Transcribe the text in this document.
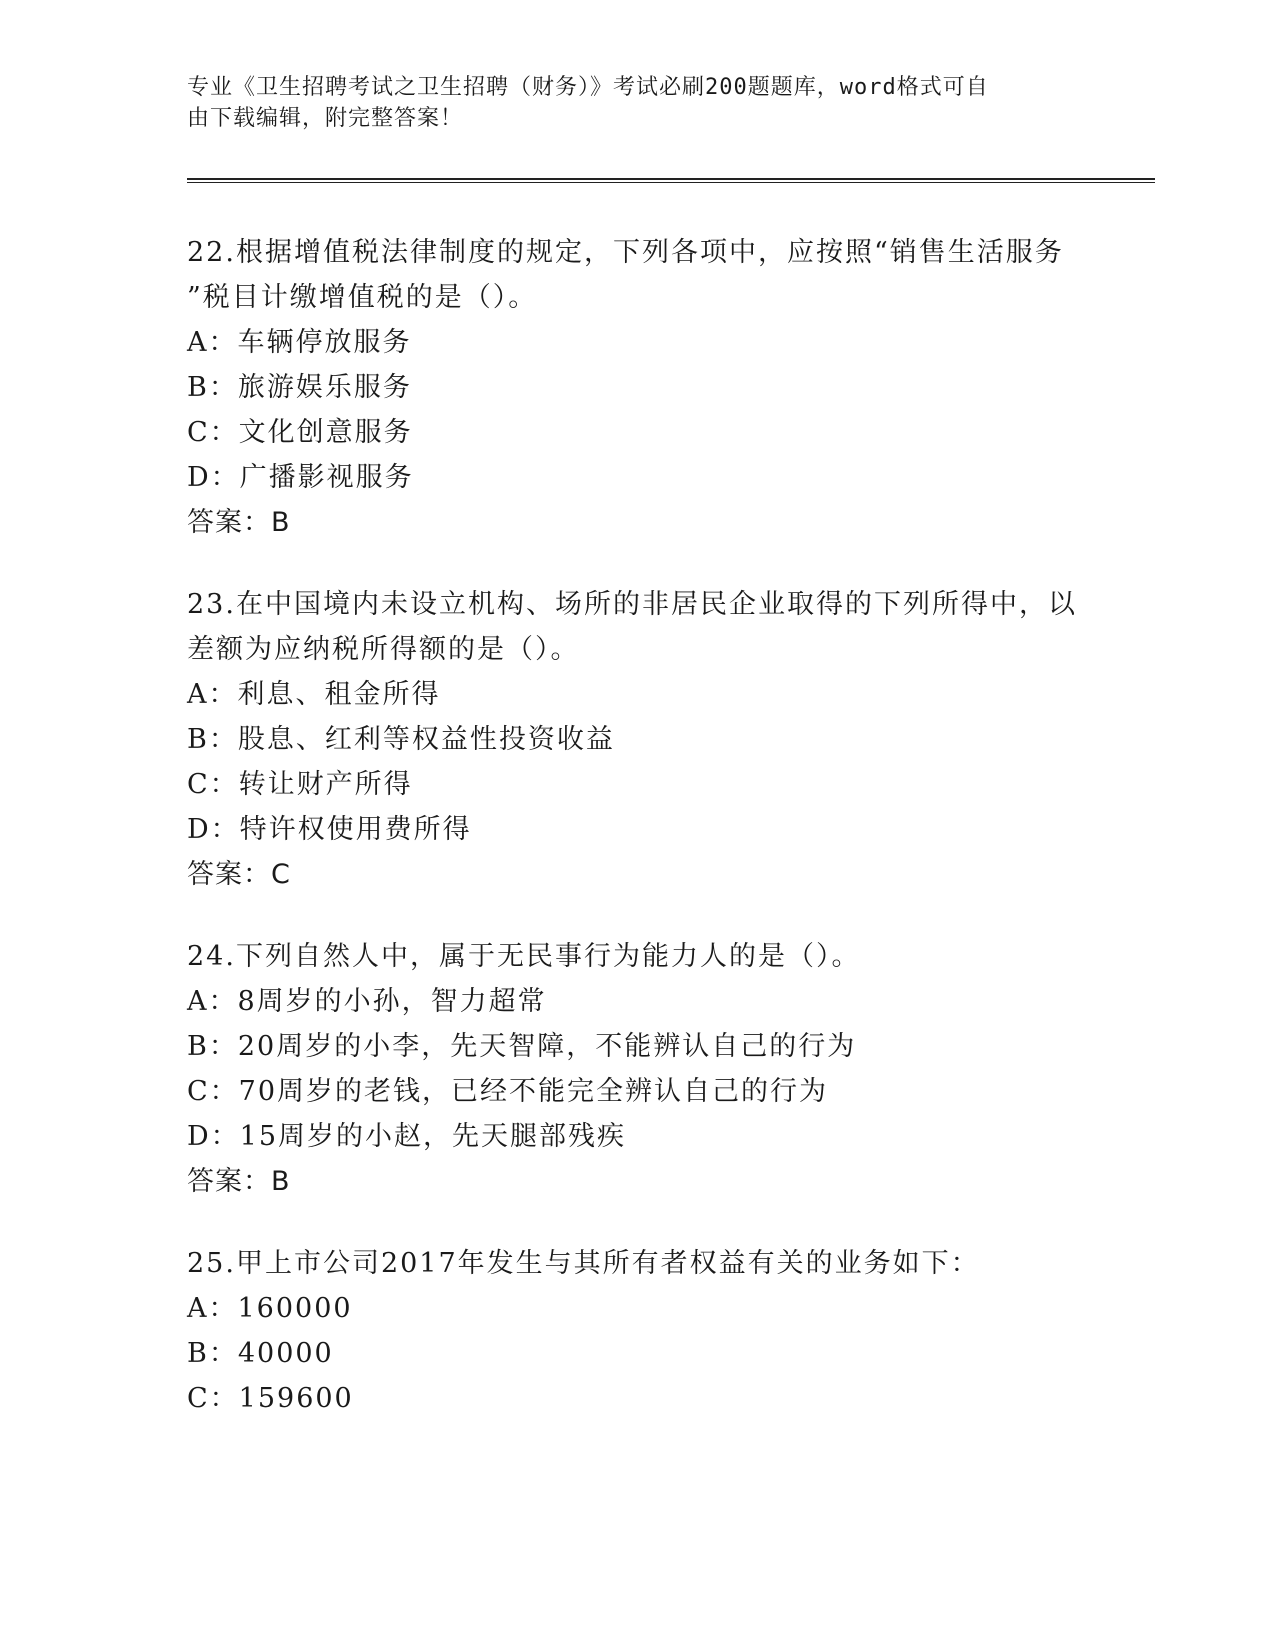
专业《卫生招聘考试之卫生招聘（财务）》考试必刷200题题库，word格式可自
由下载编辑，附完整答案！

22.根据增值税法律制度的规定，下列各项中，应按照“销售生活服务

”税目计缴增值税的是（）。

A：车辆停放服务

B：旅游娱乐服务

C：文化创意服务

D：广播影视服务

答案：B

23.在中国境内未设立机构、场所的非居民企业取得的下列所得中，以

差额为应纳税所得额的是（）。

A：利息、租金所得

B：股息、红利等权益性投资收益

C：转让财产所得

D：特许权使用费所得

答案：C

24.下列自然人中，属于无民事行为能力人的是（）。

A：8周岁的小孙，智力超常

B：20周岁的小李，先天智障，不能辨认自己的行为

C：70周岁的老钱，已经不能完全辨认自己的行为

D：15周岁的小赵，先天腿部残疾

答案：B

25.甲上市公司2017年发生与其所有者权益有关的业务如下：

A：160000

B：40000

C：159600
